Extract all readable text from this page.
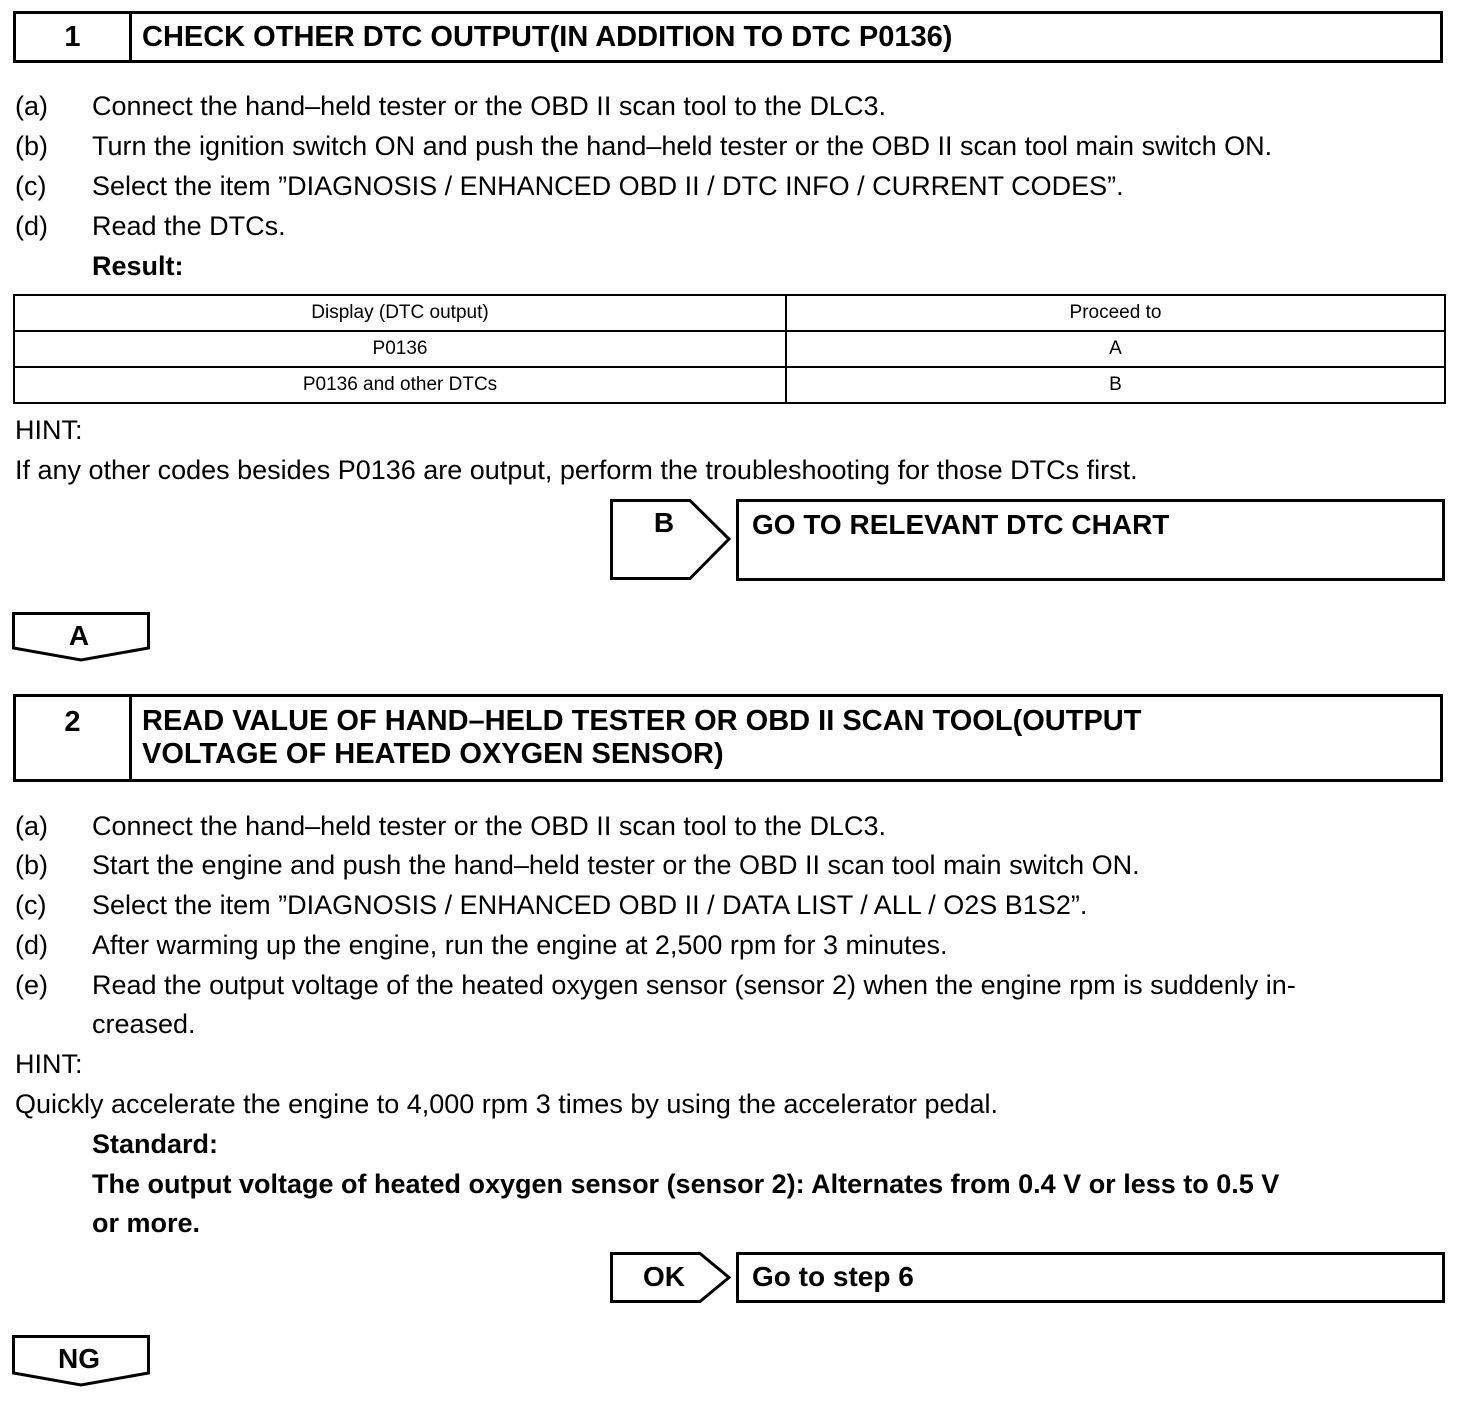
1	CHECK OTHER DTC OUTPUT(IN ADDITION TO DTC P0136)
(a) Connect the hand–held tester or the OBD II scan tool to the DLC3.
(b) Turn the ignition switch ON and push the hand–held tester or the OBD II scan tool main switch ON.
(c) Select the item ”DIAGNOSIS / ENHANCED OBD II / DTC INFO / CURRENT CODES”.
(d) Read the DTCs.
Result:
Display (DTC output)	Proceed to
P0136	A
P0136 and other DTCs	B
HINT:
If any other codes besides P0136 are output, perform the troubleshooting for those DTCs first.
B	GO TO RELEVANT DTC CHART
A
2	READ VALUE OF HAND–HELD TESTER OR OBD II SCAN TOOL(OUTPUT
VOLTAGE OF HEATED OXYGEN SENSOR)
(a) Connect the hand–held tester or the OBD II scan tool to the DLC3.
(b) Start the engine and push the hand–held tester or the OBD II scan tool main switch ON.
(c) Select the item ”DIAGNOSIS / ENHANCED OBD II / DATA LIST / ALL / O2S B1S2”.
(d) After warming up the engine, run the engine at 2,500 rpm for 3 minutes.
(e) Read the output voltage of the heated oxygen sensor (sensor 2) when the engine rpm is suddenly in-
creased.
HINT:
Quickly accelerate the engine to 4,000 rpm 3 times by using the accelerator pedal.
Standard:
The output voltage of heated oxygen sensor (sensor 2): Alternates from 0.4 V or less to 0.5 V
or more.
OK	Go to step 6
NG
